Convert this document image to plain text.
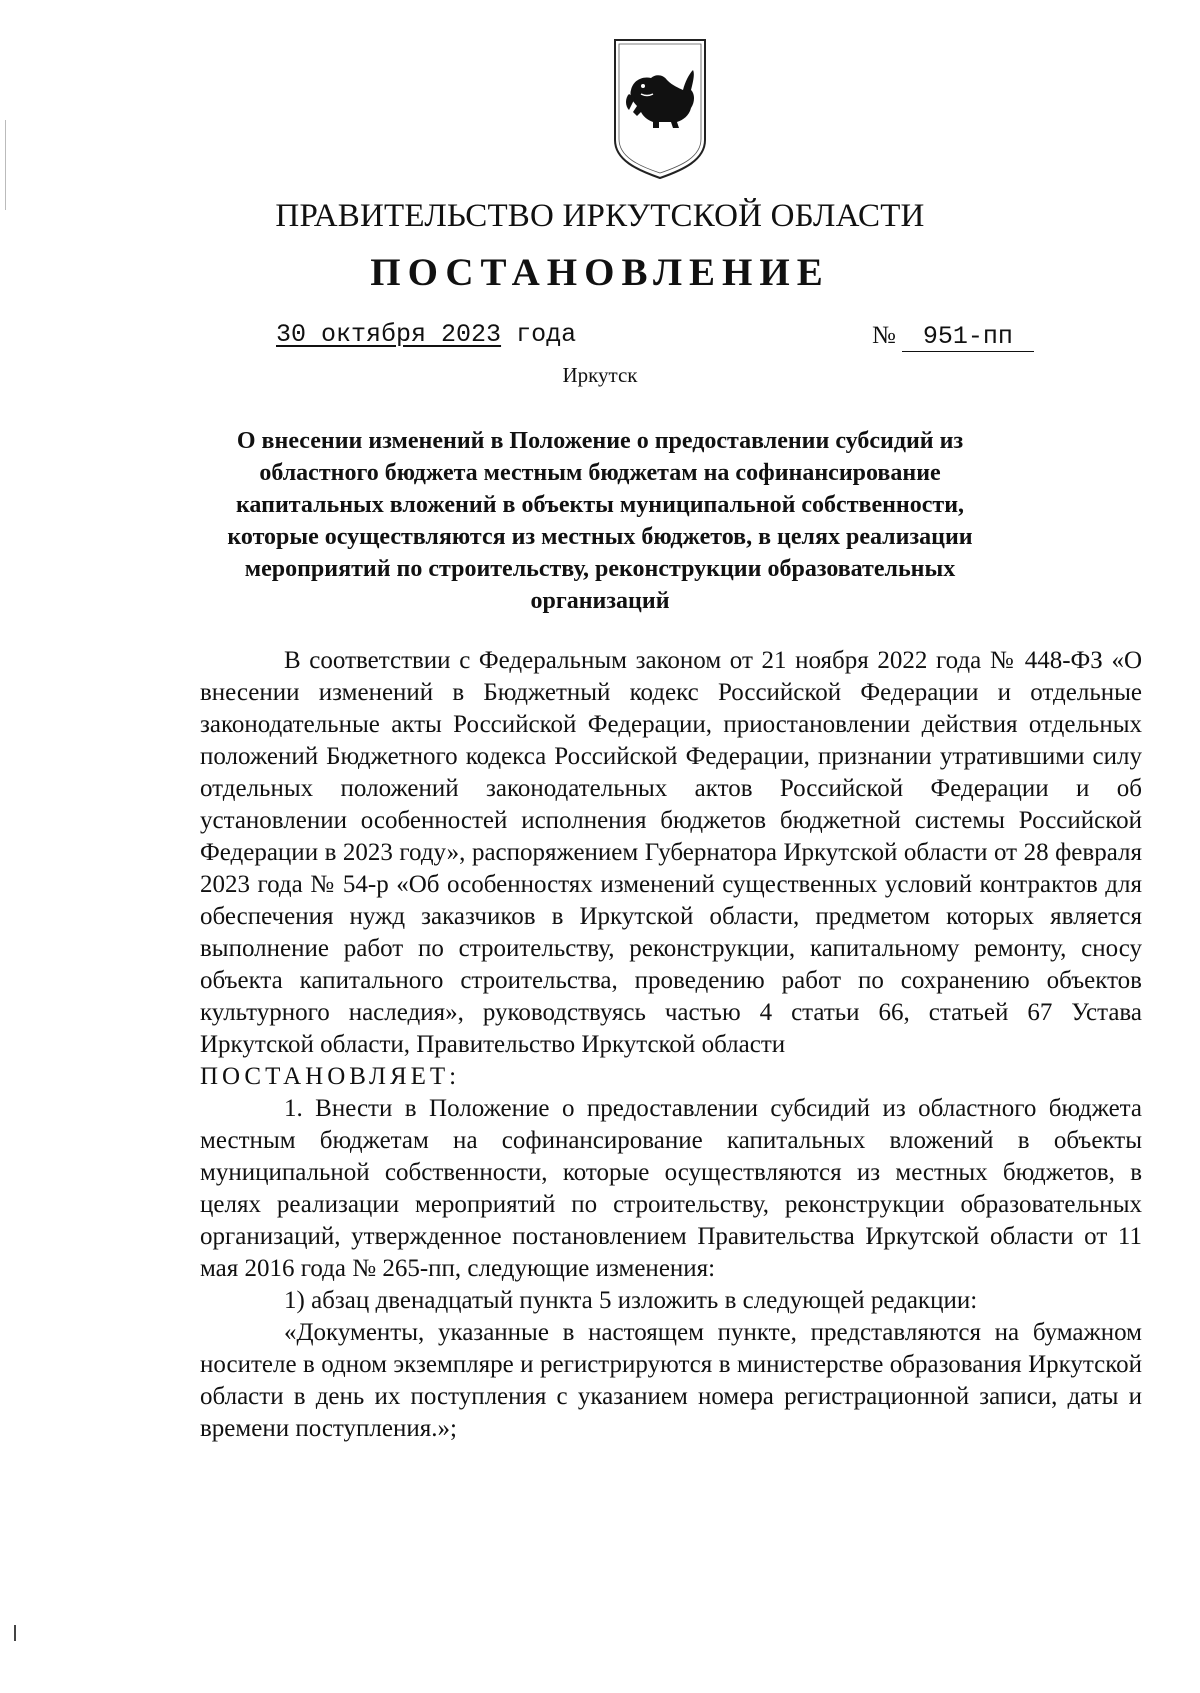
ПРАВИТЕЛЬСТВО ИРКУТСКОЙ ОБЛАСТИ
ПОСТАНОВЛЕНИЕ
30 октября 2023 года	№ 951-пп
Иркутск
О внесении изменений в Положение о предоставлении субсидий из областного бюджета местным бюджетам на софинансирование капитальных вложений в объекты муниципальной собственности, которые осуществляются из местных бюджетов, в целях реализации мероприятий по строительству, реконструкции образовательных организаций

В соответствии с Федеральным законом от 21 ноября 2022 года № 448-ФЗ «О внесении изменений в Бюджетный кодекс Российской Федерации и отдельные законодательные акты Российской Федерации, приостановлении действия отдельных положений Бюджетного кодекса Российской Федерации, признании утратившими силу отдельных положений законодательных актов Российской Федерации и об установлении особенностей исполнения бюджетов бюджетной системы Российской Федерации в 2023 году», распоряжением Губернатора Иркутской области от 28 февраля 2023 года № 54-р «Об особенностях изменений существенных условий контрактов для обеспечения нужд заказчиков в Иркутской области, предметом которых является выполнение работ по строительству, реконструкции, капитальному ремонту, сносу объекта капитального строительства, проведению работ по сохранению объектов культурного наследия», руководствуясь частью 4 статьи 66, статьей 67 Устава Иркутской области, Правительство Иркутской области

ПОСТАНОВЛЯЕТ:

1. Внести в Положение о предоставлении субсидий из областного бюджета местным бюджетам на софинансирование капитальных вложений в объекты муниципальной собственности, которые осуществляются из местных бюджетов, в целях реализации мероприятий по строительству, реконструкции образовательных организаций, утвержденное постановлением Правительства Иркутской области от 11 мая 2016 года № 265-пп, следующие изменения:

1) абзац двенадцатый пункта 5 изложить в следующей редакции:

«Документы, указанные в настоящем пункте, представляются на бумажном носителе в одном экземпляре и регистрируются в министерстве образования Иркутской области в день их поступления с указанием номера регистрационной записи, даты и времени поступления.»;
